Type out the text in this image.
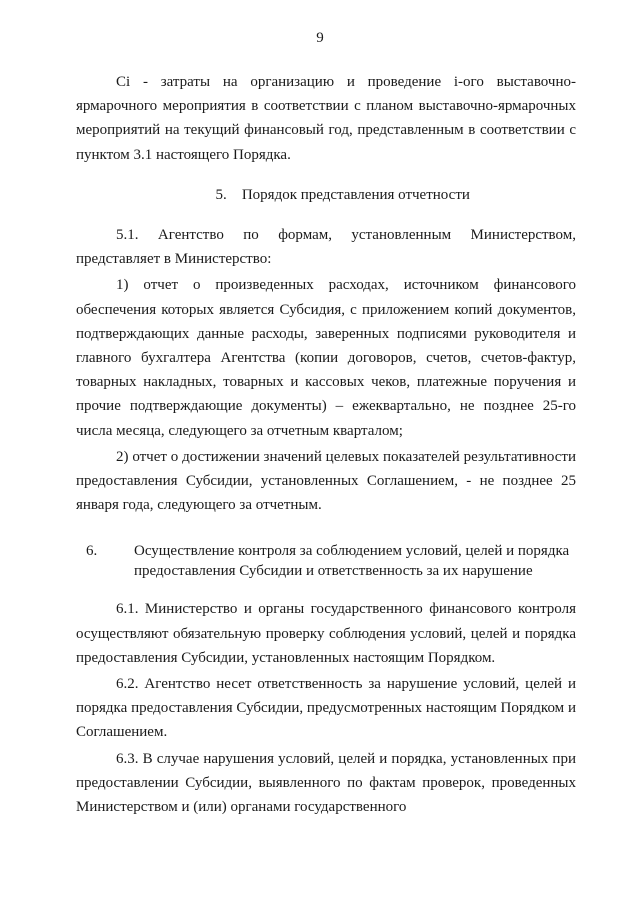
9

Ci - затраты на организацию и проведение i-ого выставочно-ярмарочного мероприятия в соответствии с планом выставочно-ярмарочных мероприятий на текущий финансовый год, представленным в соответствии с пунктом 3.1 настоящего Порядка.

5. Порядок представления отчетности

5.1. Агентство по формам, установленным Министерством, представляет в Министерство:

1) отчет о произведенных расходах, источником финансового обеспечения которых является Субсидия, с приложением копий документов, подтверждающих данные расходы, заверенных подписями руководителя и главного бухгалтера Агентства (копии договоров, счетов, счетов-фактур, товарных накладных, товарных и кассовых чеков, платежные поручения и прочие подтверждающие документы) – ежеквартально, не позднее 25-го числа месяца, следующего за отчетным кварталом;

2) отчет о достижении значений целевых показателей результативности предоставления Субсидии, установленных Соглашением, - не позднее 25 января года, следующего за отчетным.

6.	Осуществление контроля за соблюдением условий, целей и порядка предоставления Субсидии и ответственность за их нарушение

6.1. Министерство и органы государственного финансового контроля осуществляют обязательную проверку соблюдения условий, целей и порядка предоставления Субсидии, установленных настоящим Порядком.

6.2. Агентство несет ответственность за нарушение условий, целей и порядка предоставления Субсидии, предусмотренных настоящим Порядком и Соглашением.

6.3. В случае нарушения условий, целей и порядка, установленных при предоставлении Субсидии, выявленного по фактам проверок, проведенных Министерством и (или) органами государственного
